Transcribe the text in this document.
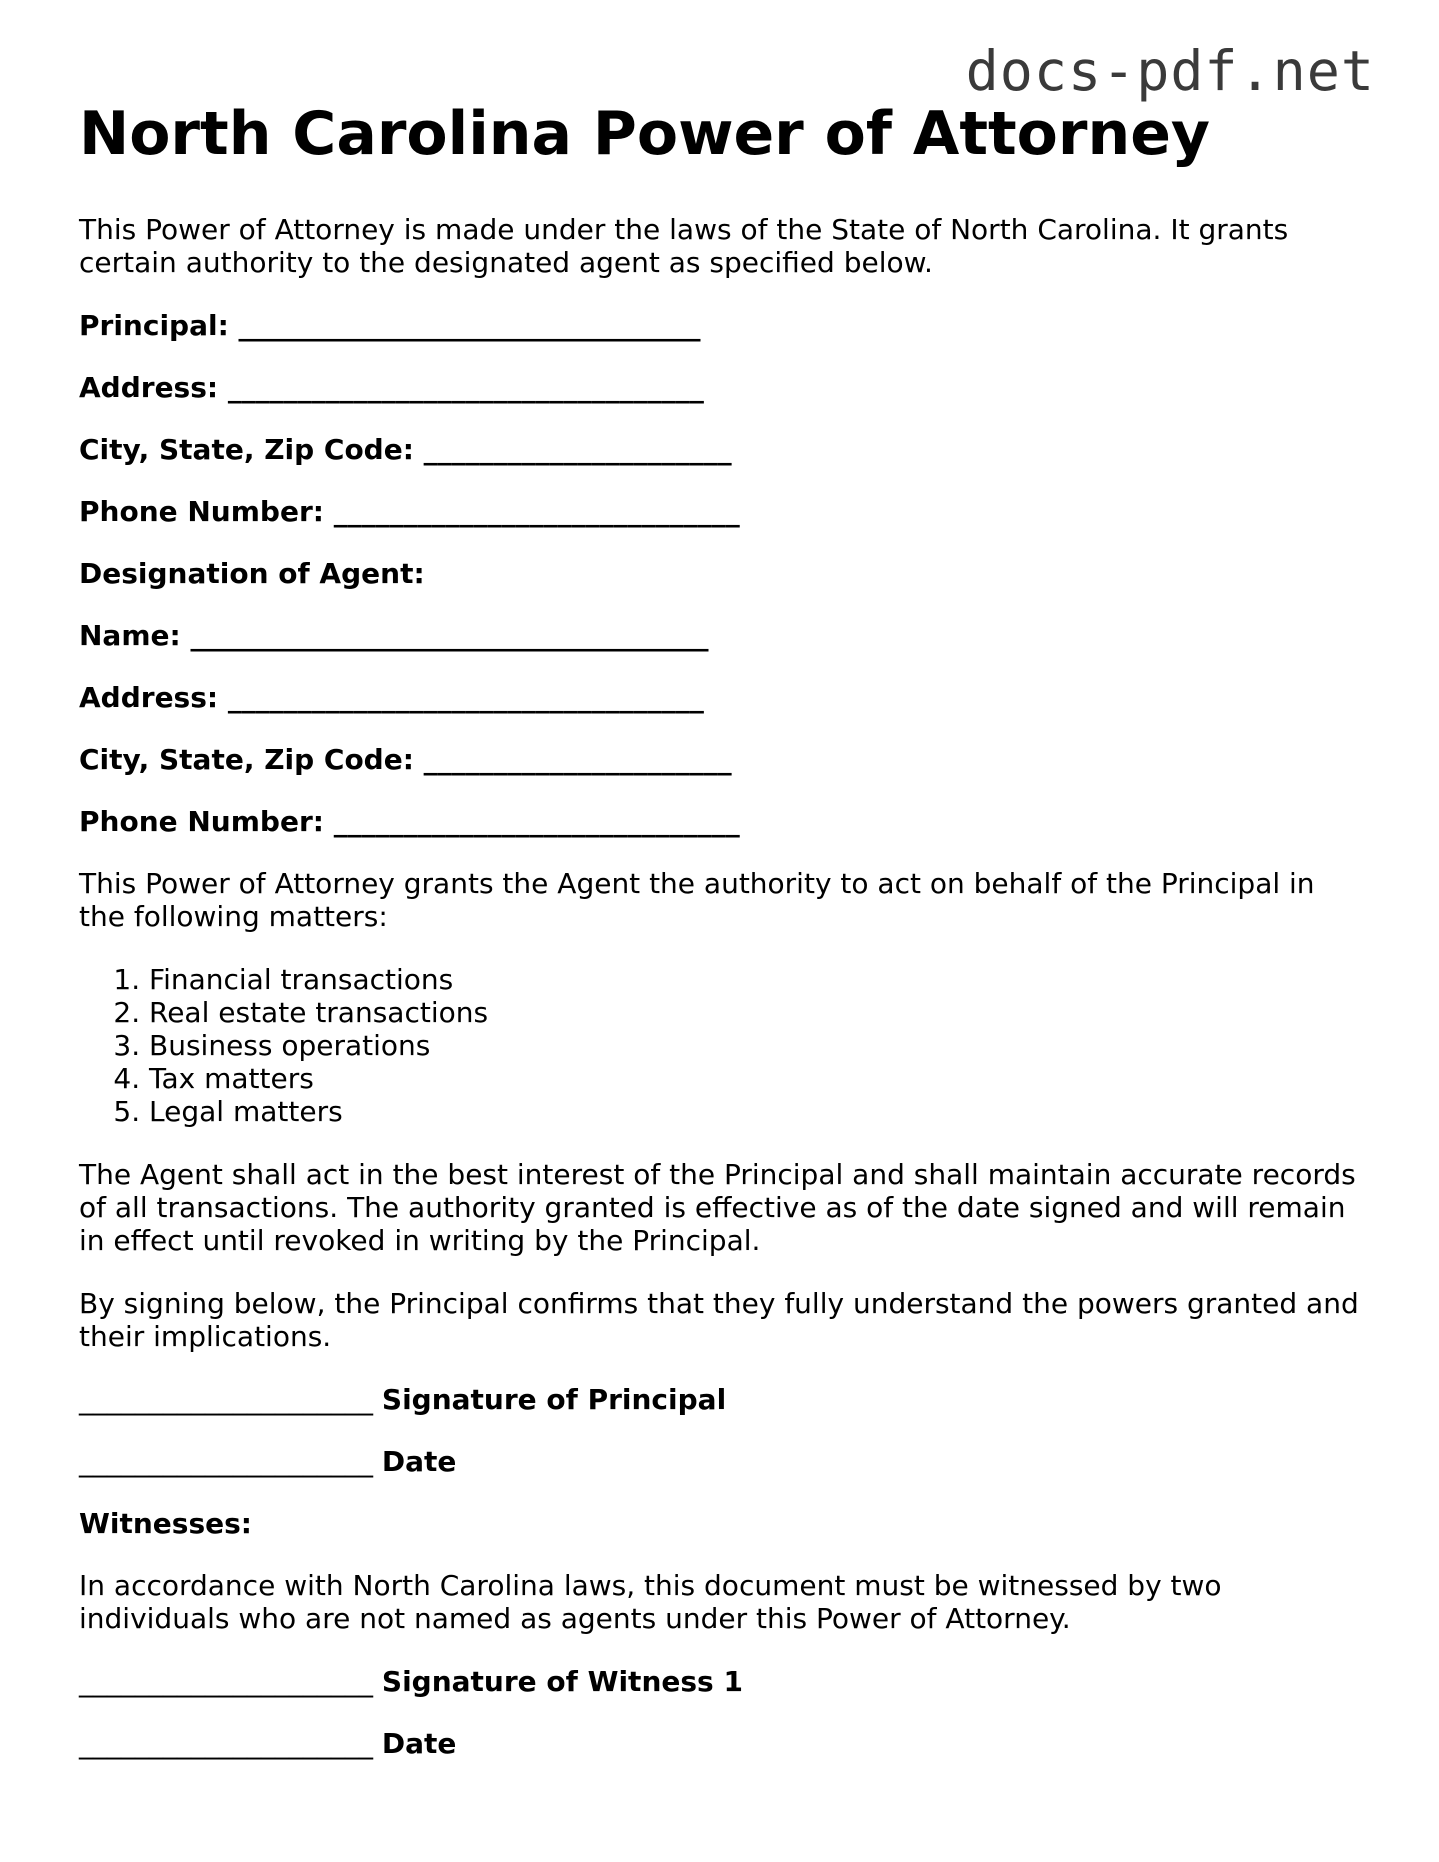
docs-pdf.net
North Carolina Power of Attorney

This Power of Attorney is made under the laws of the State of North Carolina. It grants certain authority to the designated agent as specified below.

Principal: _________________________________
Address: __________________________________
City, State, Zip Code: ______________________
Phone Number: _____________________________
Designation of Agent:
Name: _____________________________________
Address: __________________________________
City, State, Zip Code: ______________________
Phone Number: _____________________________

This Power of Attorney grants the Agent the authority to act on behalf of the Principal in the following matters:

1. Financial transactions
2. Real estate transactions
3. Business operations
4. Tax matters
5. Legal matters

The Agent shall act in the best interest of the Principal and shall maintain accurate records of all transactions. The authority granted is effective as of the date signed and will remain in effect until revoked in writing by the Principal.

By signing below, the Principal confirms that they fully understand the powers granted and their implications.

_____________________ Signature of Principal
_____________________ Date
Witnesses:

In accordance with North Carolina laws, this document must be witnessed by two individuals who are not named as agents under this Power of Attorney.

_____________________ Signature of Witness 1
_____________________ Date
